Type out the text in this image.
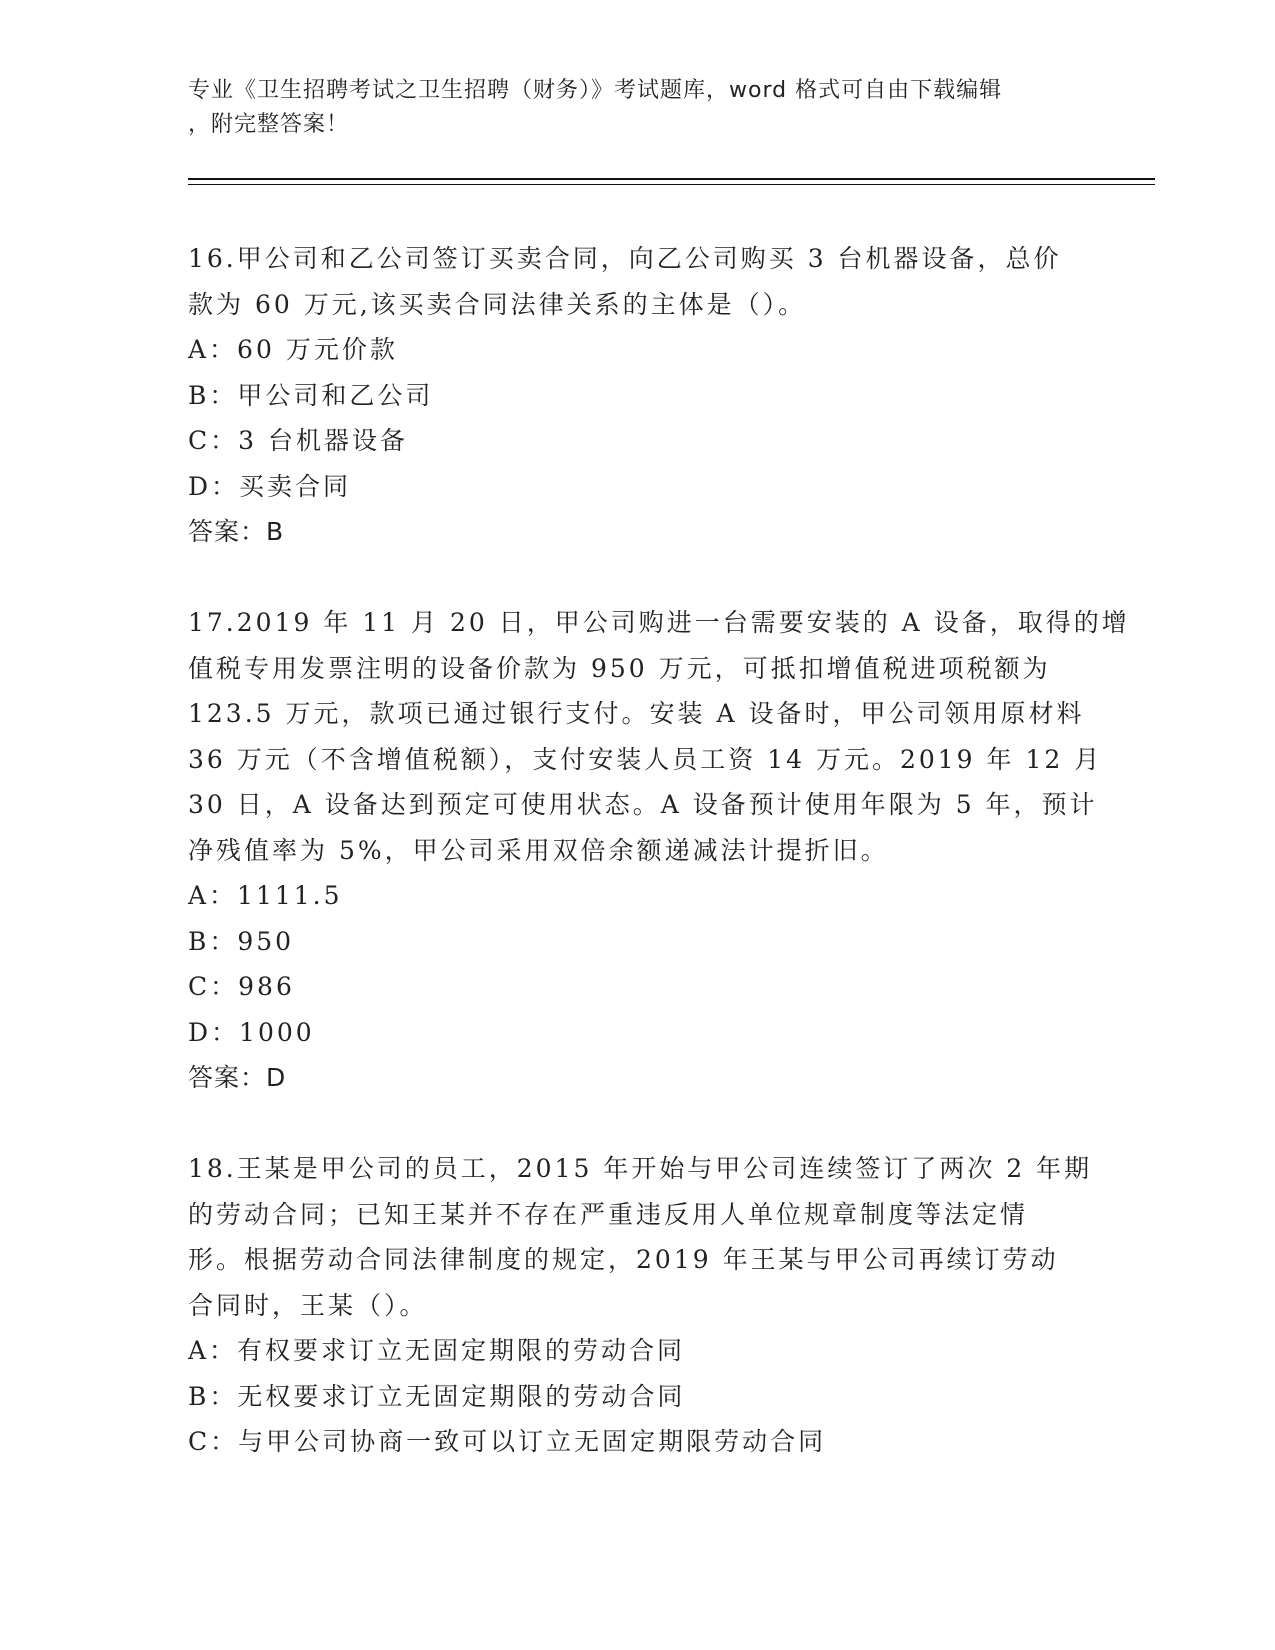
专业《卫生招聘考试之卫生招聘（财务）》考试题库，word 格式可自由下载编辑
，附完整答案！
16.甲公司和乙公司签订买卖合同，向乙公司购买 3 台机器设备，总价
款为 60 万元,该买卖合同法律关系的主体是（）。
A：60 万元价款
B：甲公司和乙公司
C：3 台机器设备
D：买卖合同
答案：B
17.2019 年 11 月 20 日，甲公司购进一台需要安装的 A 设备，取得的增
值税专用发票注明的设备价款为 950 万元，可抵扣增值税进项税额为
123.5 万元，款项已通过银行支付。安装 A 设备时，甲公司领用原材料
36 万元（不含增值税额），支付安装人员工资 14 万元。2019 年 12 月
30 日，A 设备达到预定可使用状态。A 设备预计使用年限为 5 年，预计
净残值率为 5%，甲公司采用双倍余额递减法计提折旧。
A：1111.5
B：950
C：986
D：1000
答案：D
18.王某是甲公司的员工，2015 年开始与甲公司连续签订了两次 2 年期
的劳动合同；已知王某并不存在严重违反用人单位规章制度等法定情
形。根据劳动合同法律制度的规定，2019 年王某与甲公司再续订劳动
合同时，王某（）。
A：有权要求订立无固定期限的劳动合同
B：无权要求订立无固定期限的劳动合同
C：与甲公司协商一致可以订立无固定期限劳动合同
